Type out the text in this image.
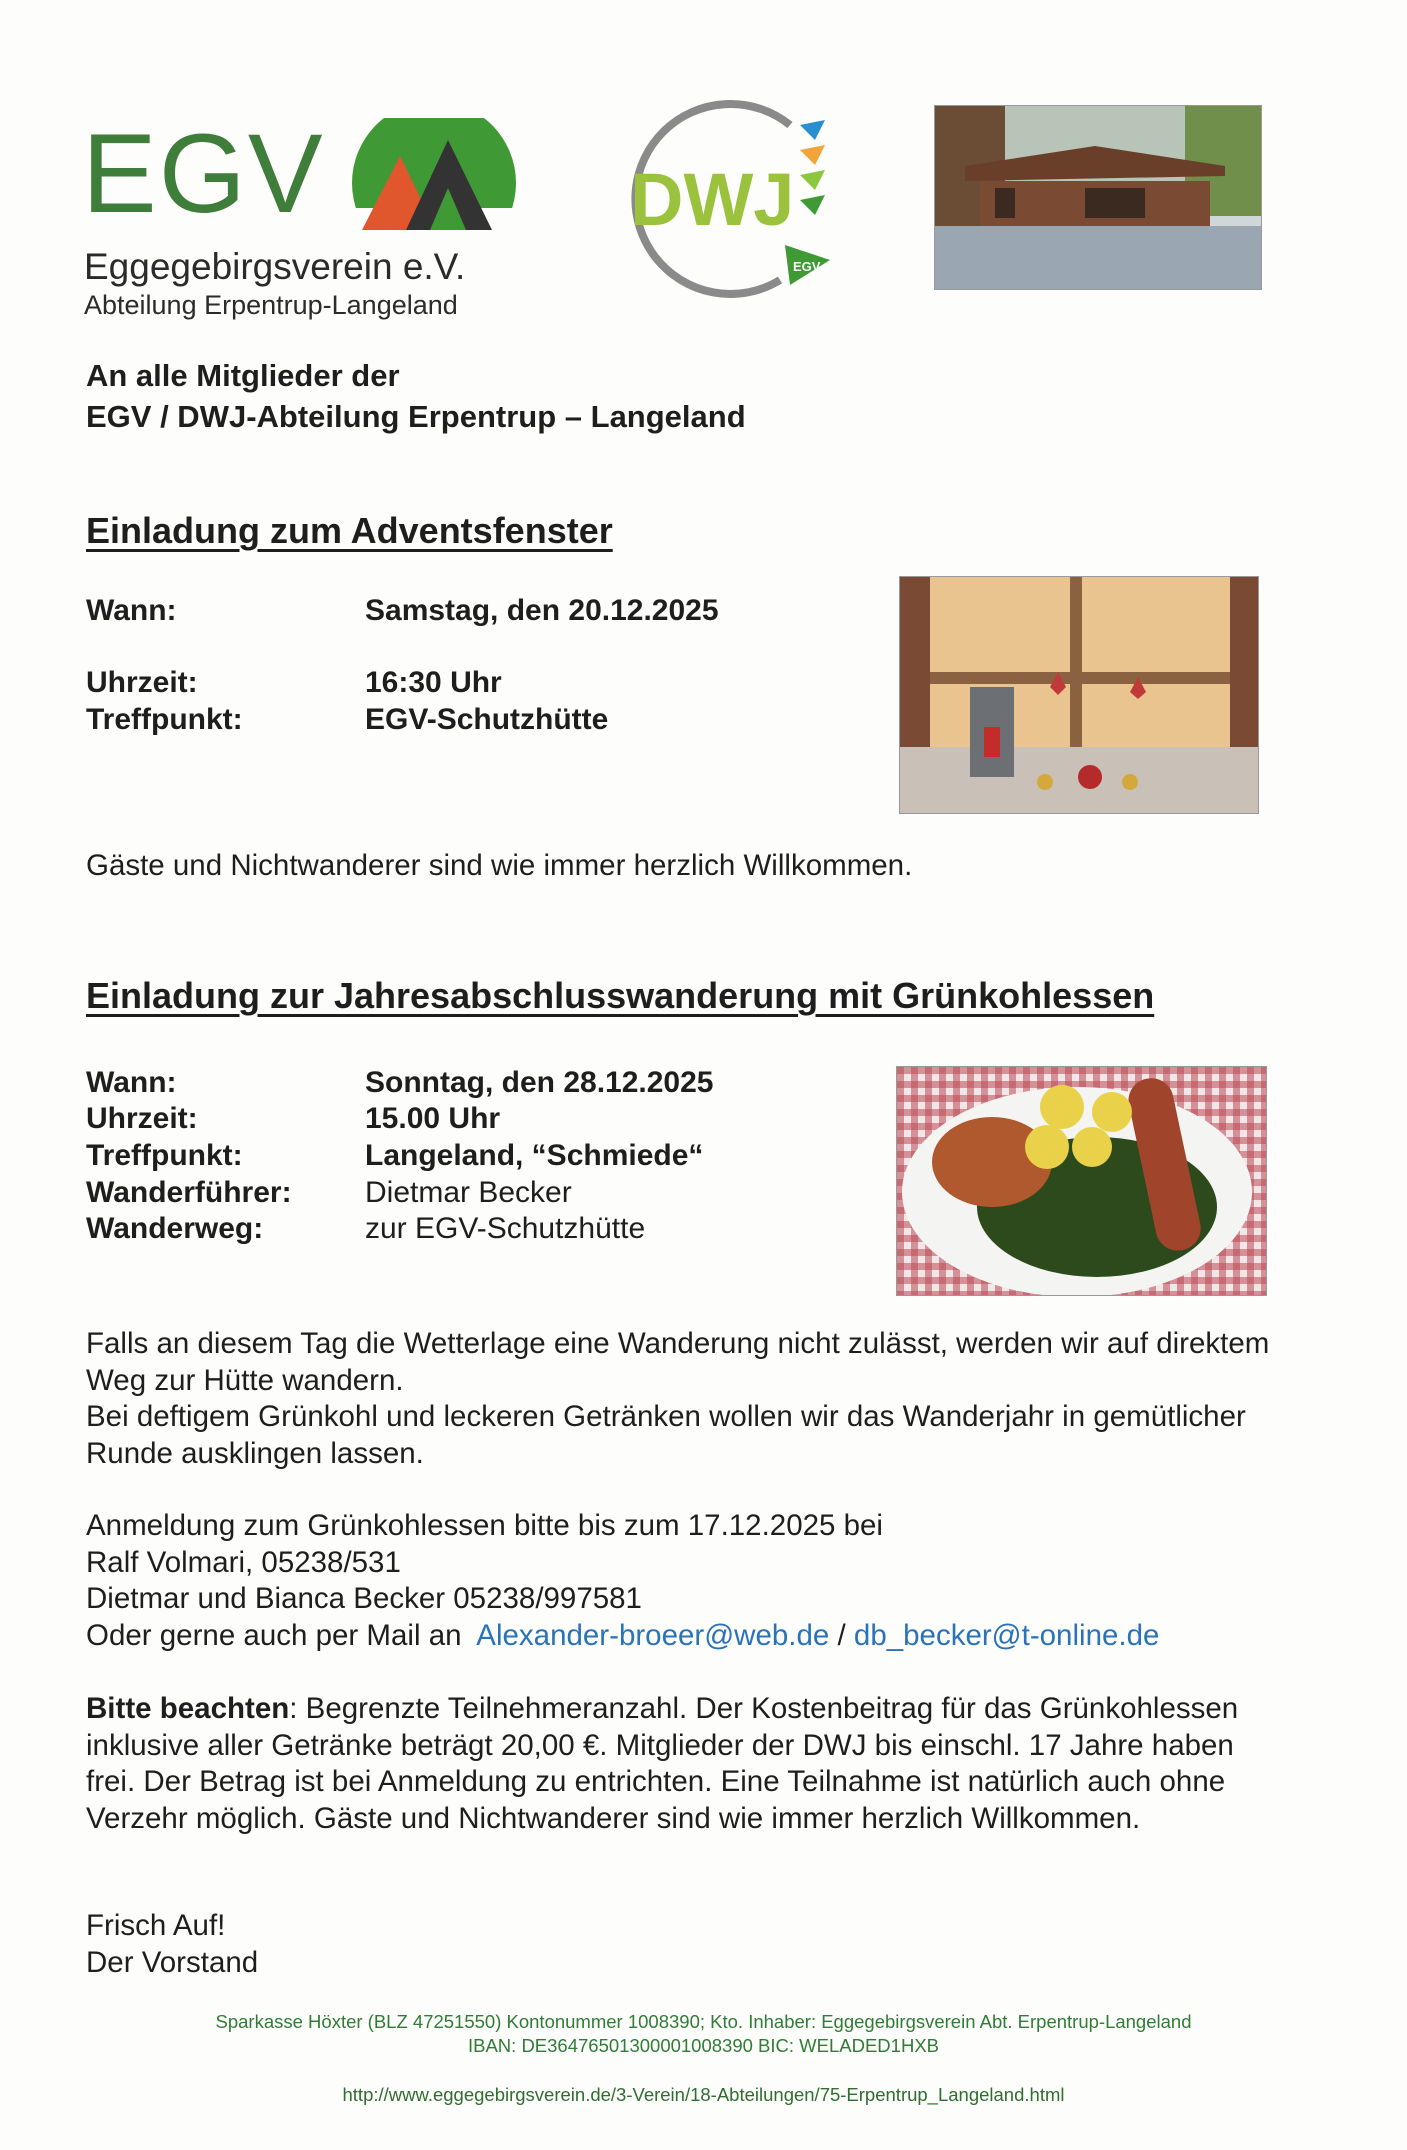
EGV
Eggegebirgsverein e.V.
Abteilung Erpentrup-Langeland
DWJ
EGV
An alle Mitglieder der
EGV / DWJ-Abteilung Erpentrup – Langeland
Einladung zum Adventsfenster
Wann:	Samstag, den 20.12.2025
Uhrzeit:	16:30 Uhr
Treffpunkt:	EGV-Schutzhütte
Gäste und Nichtwanderer sind wie immer herzlich Willkommen.
Einladung zur Jahresabschlusswanderung mit Grünkohlessen
Wann:	Sonntag, den 28.12.2025
Uhrzeit:	15.00 Uhr
Treffpunkt:	Langeland, “Schmiede“
Wanderführer: Dietmar Becker
Wanderweg:	zur EGV-Schutzhütte
Falls an diesem Tag die Wetterlage eine Wanderung nicht zulässt, werden wir auf direktem
Weg zur Hütte wandern.
Bei deftigem Grünkohl und leckeren Getränken wollen wir das Wanderjahr in gemütlicher
Runde ausklingen lassen.
Anmeldung zum Grünkohlessen bitte bis zum 17.12.2025 bei
Ralf Volmari, 05238/531
Dietmar und Bianca Becker 05238/997581
Oder gerne auch per Mail an Alexander-broeer@web.de / db_becker@t-online.de
Bitte beachten: Begrenzte Teilnehmeranzahl. Der Kostenbeitrag für das Grünkohlessen
inklusive aller Getränke beträgt 20,00 €. Mitglieder der DWJ bis einschl. 17 Jahre haben
frei. Der Betrag ist bei Anmeldung zu entrichten. Eine Teilnahme ist natürlich auch ohne
Verzehr möglich. Gäste und Nichtwanderer sind wie immer herzlich Willkommen.
Frisch Auf!
Der Vorstand
Sparkasse Höxter (BLZ 47251550) Kontonummer 1008390; Kto. Inhaber: Eggegebirgsverein Abt. Erpentrup-Langeland
IBAN: DE36476501300001008390 BIC: WELADED1HXB
http://www.eggegebirgsverein.de/3-Verein/18-Abteilungen/75-Erpentrup_Langeland.html
